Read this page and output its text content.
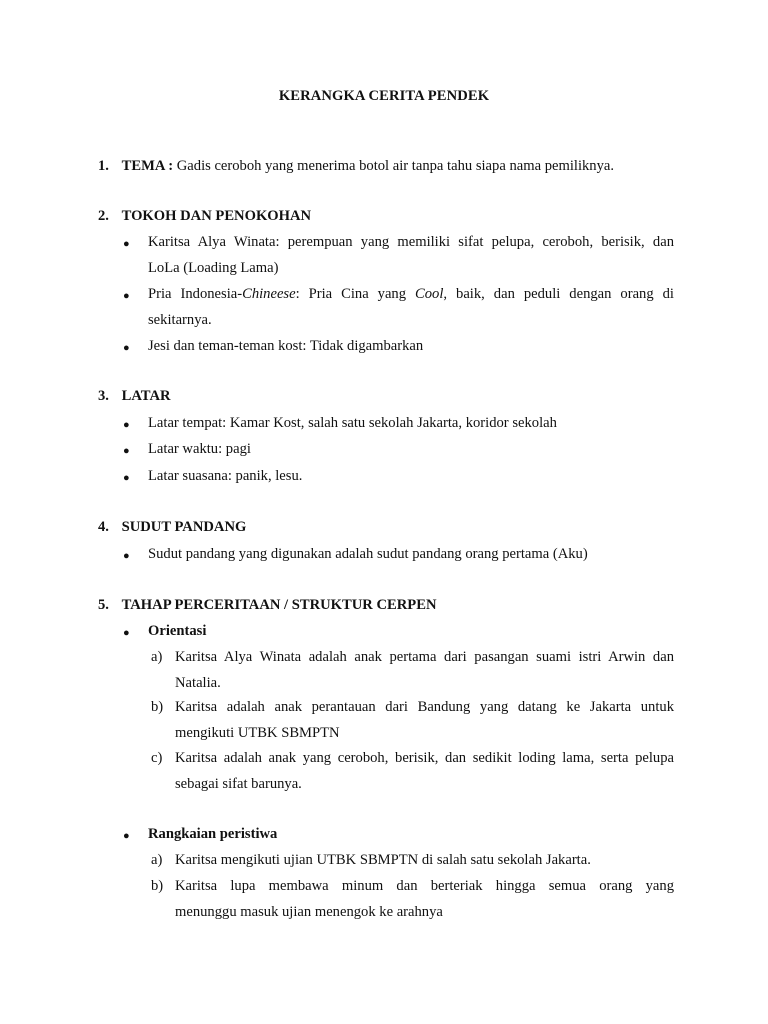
KERANGKA CERITA PENDEK
1. TEMA : Gadis ceroboh yang menerima botol air tanpa tahu siapa nama pemiliknya.
2. TOKOH DAN PENOKOHAN
● Karitsa Alya Winata: perempuan yang memiliki sifat pelupa, ceroboh, berisik, dan
LoLa (Loading Lama)
● Pria Indonesia-Chineese: Pria Cina yang Cool, baik, dan peduli dengan orang di
sekitarnya.
● Jesi dan teman-teman kost: Tidak digambarkan
3. LATAR
● Latar tempat: Kamar Kost, salah satu sekolah Jakarta, koridor sekolah
● Latar waktu: pagi
● Latar suasana: panik, lesu.
4. SUDUT PANDANG
● Sudut pandang yang digunakan adalah sudut pandang orang pertama (Aku)
5. TAHAP PERCERITAAN / STRUKTUR CERPEN
● Orientasi
a) Karitsa Alya Winata adalah anak pertama dari pasangan suami istri Arwin dan
Natalia.
b) Karitsa adalah anak perantauan dari Bandung yang datang ke Jakarta untuk
mengikuti UTBK SBMPTN
c) Karitsa adalah anak yang ceroboh, berisik, dan sedikit loding lama, serta pelupa
sebagai sifat barunya.
● Rangkaian peristiwa
a) Karitsa mengikuti ujian UTBK SBMPTN di salah satu sekolah Jakarta.
b) Karitsa lupa membawa minum dan berteriak hingga semua orang yang
menunggu masuk ujian menengok ke arahnya
